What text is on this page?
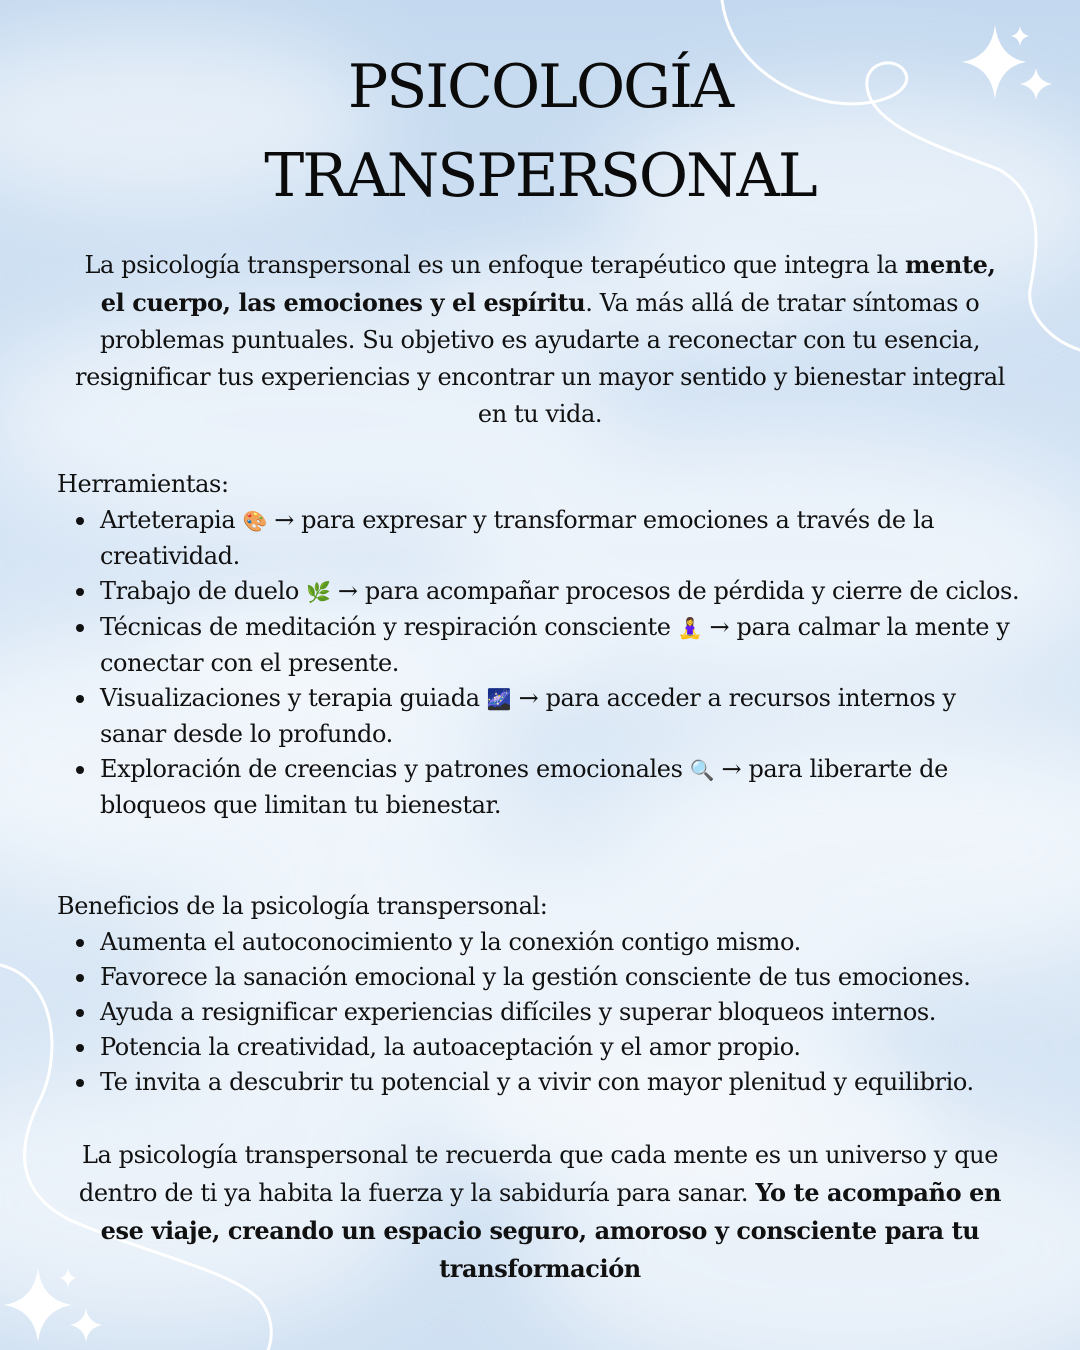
PSICOLOGÍA
TRANSPERSONAL

La psicología transpersonal es un enfoque terapéutico que integra la mente, el cuerpo, las emociones y el espíritu. Va más allá de tratar síntomas o problemas puntuales. Su objetivo es ayudarte a reconectar con tu esencia, resignificar tus experiencias y encontrar un mayor sentido y bienestar integral en tu vida.

Herramientas:
Arteterapia 🎨 → para expresar y transformar emociones a través de la creatividad.
Trabajo de duelo 🌿 → para acompañar procesos de pérdida y cierre de ciclos.
Técnicas de meditación y respiración consciente 🧘‍♀️ → para calmar la mente y conectar con el presente.
Visualizaciones y terapia guiada 🌌 → para acceder a recursos internos y sanar desde lo profundo.
Exploración de creencias y patrones emocionales 🔍 → para liberarte de bloqueos que limitan tu bienestar.
Beneficios de la psicología transpersonal:
Aumenta el autoconocimiento y la conexión contigo mismo.
Favorece la sanación emocional y la gestión consciente de tus emociones.
Ayuda a resignificar experiencias difíciles y superar bloqueos internos.
Potencia la creatividad, la autoaceptación y el amor propio.
Te invita a descubrir tu potencial y a vivir con mayor plenitud y equilibrio.

La psicología transpersonal te recuerda que cada mente es un universo y que dentro de ti ya habita la fuerza y la sabiduría para sanar. Yo te acompaño en ese viaje, creando un espacio seguro, amoroso y consciente para tu transformación
